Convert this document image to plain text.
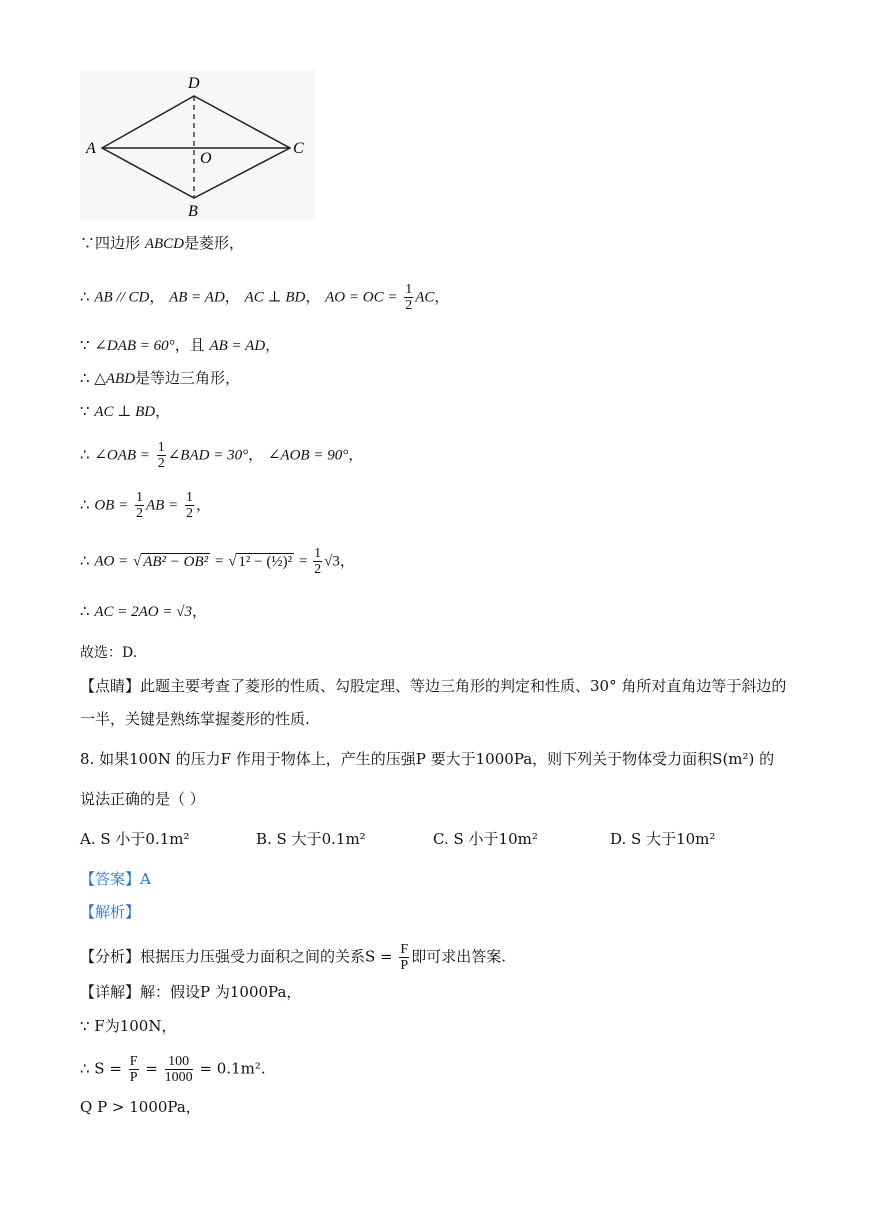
D
A	C
O
B
∵四边形 ABCD是菱形，
∴ AB // CD， AB = AD， AC ⊥ BD， AO = OC = $\frac{1}{2}$ AC，
∵ ∠DAB = 60°，且 AB = AD，
∴ △ABD是等边三角形，
∵ AC ⊥ BD，
∴ ∠OAB = $\frac{1}{2}$ ∠BAD = 30°， ∠AOB = 90°，
∴ OB = $\frac{1}{2}$ AB = $\frac{1}{2}$ ，
∴ AO = √ AB² − OB² = √ 1² − (½)² = $\frac{1}{2} √3$，
∴ AC = 2AO = √3，
故选：D.
【点睛】此题主要考查了菱形的性质、勾股定理、等边三角形的判定和性质、30° 角所对直角边等于斜边的
一半，关键是熟练掌握菱形的性质.
8. 如果100N 的压力F 作用于物体上，产生的压强P 要大于1000Pa，则下列关于物体受力面积S(m²) 的
说法正确的是（ ）
A. S 小于0.1m²	B. S 大于0.1m²	C. S 小于10m²	D. S 大于10m²
【答案】A
【解析】
【分析】根据压力压强受力面积之间的关系$S = \frac{F}{P}$ 即可求出答案.
【详解】解：假设P 为1000Pa，
∵ F为100N，
∴ $S = \frac{F}{P} = \frac{100}{1000} = 0.1m^2$.
Q P > 1000Pa，
